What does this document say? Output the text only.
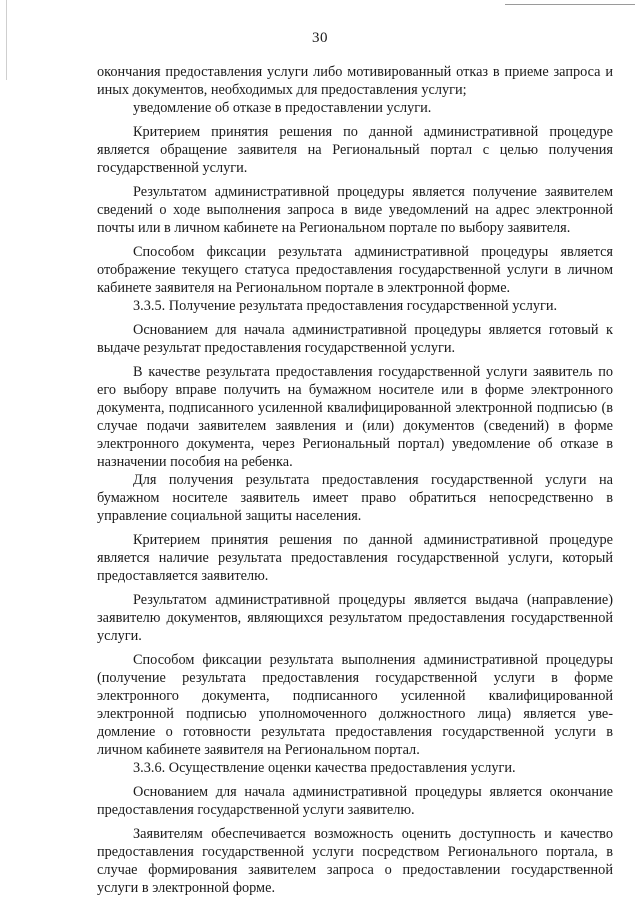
30

окончания предоставления услуги либо мотивированный отказ в приеме запроса и иных документов, необходимых для предоставления услуги;

уведомление об отказе в предоставлении услуги.

Критерием принятия решения по данной административной процедуре является обращение заявителя на Региональный портал с целью получения государственной услуги.

Результатом административной процедуры является получение заявителем сведений о ходе выполнения запроса в виде уведомлений на адрес электронной почты или в личном кабинете на Региональном портале по выбору заявителя.

Способом фиксации результата административной процедуры является отображение текущего статуса предоставления государственной услуги в личном кабинете заявителя на Региональном портале в электронной форме.

3.3.5. Получение результата предоставления государственной услуги.

Основанием для начала административной процедуры является готовый к выдаче результат предоставления государственной услуги.

В качестве результата предоставления государственной услуги заявитель по его выбору вправе получить на бумажном носителе или в форме электронного документа, подписанного усиленной квалифицированной электронной подписью (в случае подачи заявителем заявления и (или) документов (сведений) в форме электронного документа, через Региональный портал) уведомление об отказе в назначении пособия на ребенка.

Для получения результата предоставления государственной услуги на бумажном носителе заявитель имеет право обратиться непосредственно в управление социальной защиты населения.

Критерием принятия решения по данной административной процедуре является наличие результата предоставления государственной услуги, который предоставляется заявителю.

Результатом административной процедуры является выдача (направление) заявителю документов, являющихся результатом предоставления государственной услуги.

Способом фиксации результата выполнения административной процедуры (получение результата предоставления государственной услуги в форме электронного документа, подписанного усиленной квалифицированной электронной подписью уполномоченного должностного лица) является уведомление о готовности результата предоставления государственной услуги в личном кабинете заявителя на Региональном портал.

3.3.6. Осуществление оценки качества предоставления услуги.

Основанием для начала административной процедуры является окончание предоставления государственной услуги заявителю.

Заявителям обеспечивается возможность оценить доступность и качество предоставления государственной услуги посредством Регионального портала, в случае формирования заявителем запроса о предоставлении государственной услуги в электронной форме.
